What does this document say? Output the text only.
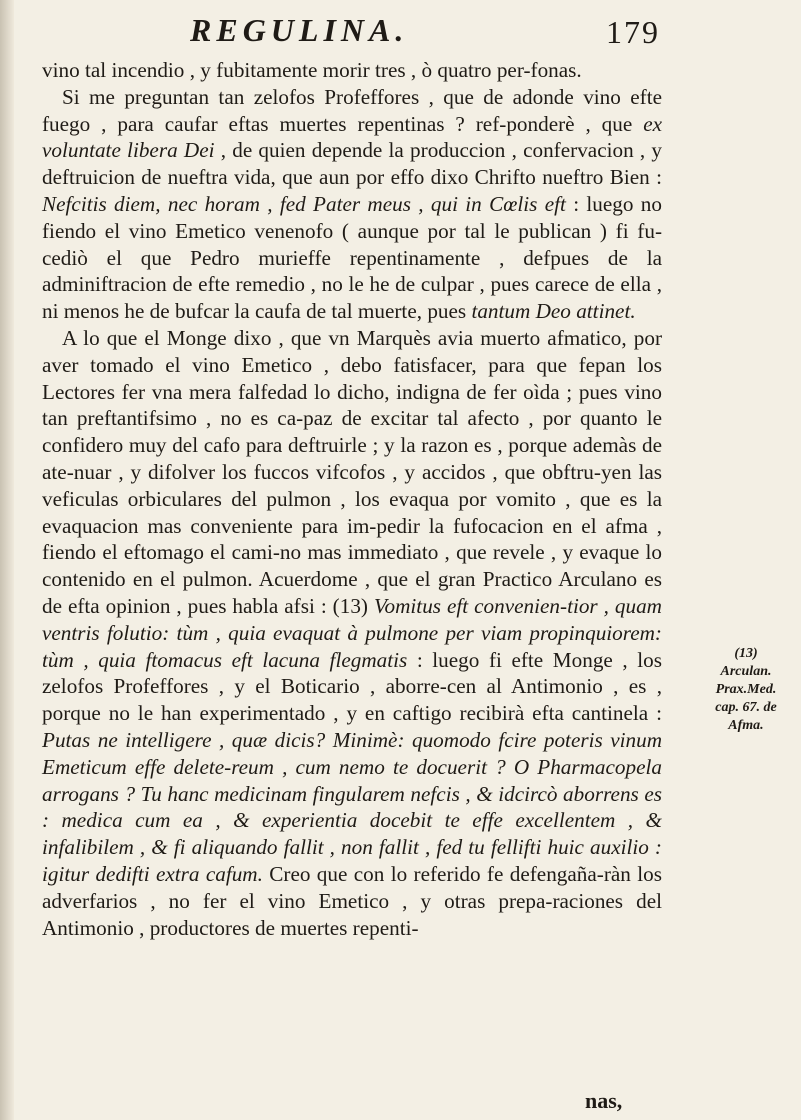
REGULINA.	179

vino tal incendio , y fubitamente morir tres , ò quatro per-fonas.

Si me preguntan tan zelofos Profeffores , que de adonde vino efte fuego , para caufar eftas muertes repentinas ? ref-ponderè , que ex voluntate libera Dei , de quien depende la produccion , confervacion , y deftruicion de nueftra vida, que aun por effo dixo Chrifto nueftro Bien : Nefcitis diem, nec horam , fed Pater meus , qui in Cœlis eft : luego no fiendo el vino Emetico venenofo ( aunque por tal le publican ) fi fu-cediò el que Pedro murieffe repentinamente , defpues de la adminiftracion de efte remedio , no le he de culpar , pues carece de ella , ni menos he de bufcar la caufa de tal muerte, pues tantum Deo attinet.

A lo que el Monge dixo , que vn Marquès avia muerto afmatico, por aver tomado el vino Emetico , debo fatisfacer, para que fepan los Lectores fer vna mera falfedad lo dicho, indigna de fer oìda ; pues vino tan preftantifsimo , no es ca-paz de excitar tal afecto , por quanto le confidero muy del cafo para deftruirle ; y la razon es , porque ademàs de ate-nuar , y difolver los fuccos vifcofos , y accidos , que obftru-yen las veficulas orbiculares del pulmon , los evaqua por vomito , que es la evaquacion mas conveniente para im-pedir la fufocacion en el afma , fiendo el eftomago el cami-no mas immediato , que revele , y evaque lo contenido en el pulmon. Acuerdome , que el gran Practico Arculano es de efta opinion , pues habla afsi : (13) Vomitus eft convenien-tior , quam ventris folutio: tùm , quia evaquat à pulmone per viam propinquiorem: tùm , quia ftomacus eft lacuna flegmatis : luego fi efte Monge , los zelofos Profeffores , y el Boticario , aborre-cen al Antimonio , es , porque no le han experimentado , y en caftigo recibirà efta cantinela : Putas ne intelligere , quæ dicis? Minimè: quomodo fcire poteris vinum Emeticum effe delete-reum , cum nemo te docuerit ? O Pharmacopela arrogans ? Tu hanc medicinam fingularem nefcis , & idcircò aborrens es : medica cum ea , & experientia docebit te effe excellentem , & infalibilem , & fi aliquando fallit , non fallit , fed tu fellifti huic auxilio : igitur dedifti extra cafum. Creo que con lo referido fe defengaña-ràn los adverfarios , no fer el vino Emetico , y otras prepa-raciones del Antimonio , productores de muertes repenti-

(13)
Arculan.
Prax.Med.
cap. 67. de
Afma.
nas,
